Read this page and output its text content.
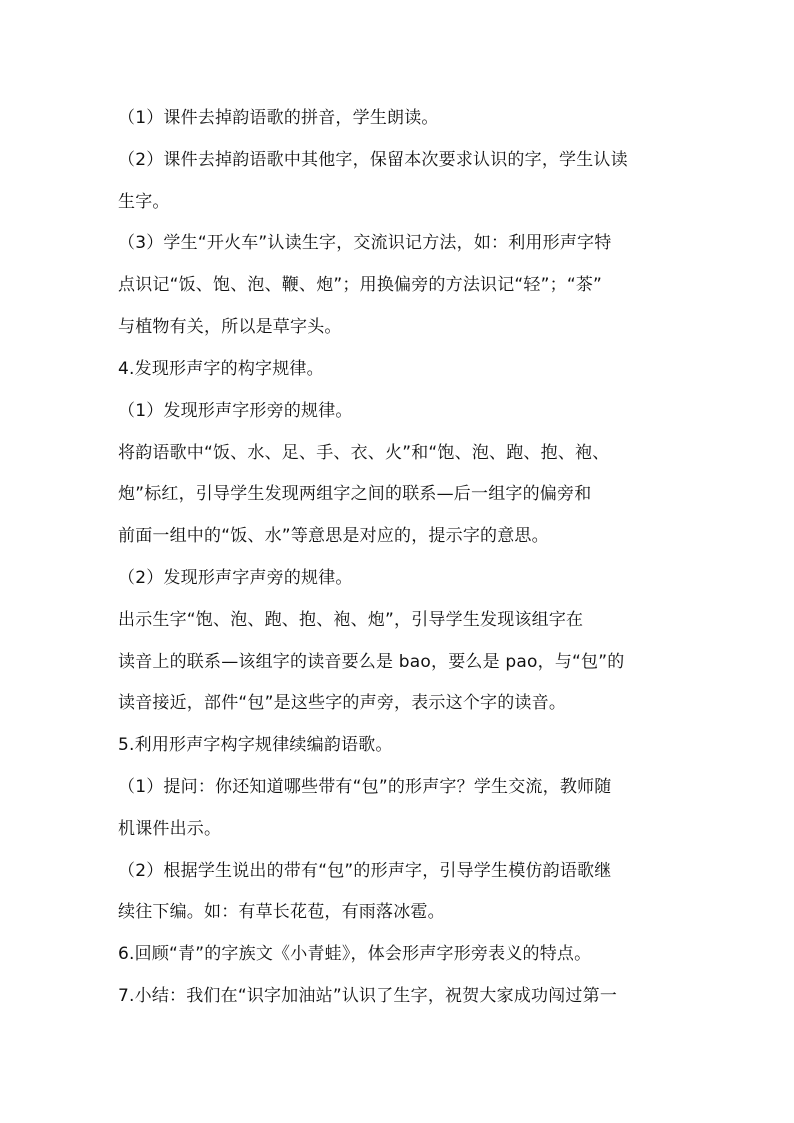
（1）课件去掉韵语歌的拼音，学生朗读。
（2）课件去掉韵语歌中其他字，保留本次要求认识的字，学生认读
生字。
（3）学生“开火车”认读生字，交流识记方法，如：利用形声字特
点识记“饭、饱、泡、鞭、炮”；用换偏旁的方法识记“轻”；“茶”
与植物有关，所以是草字头。
4.发现形声字的构字规律。
（1）发现形声字形旁的规律。
将韵语歌中“饭、水、足、手、衣、火”和“饱、泡、跑、抱、袍、
炮”标红，引导学生发现两组字之间的联系—后一组字的偏旁和
前面一组中的“饭、水”等意思是对应的，提示字的意思。
（2）发现形声字声旁的规律。
出示生字“饱、泡、跑、抱、袍、炮”，引导学生发现该组字在
读音上的联系—该组字的读音要么是 bao，要么是 pao，与“包”的
读音接近，部件“包”是这些字的声旁，表示这个字的读音。
5.利用形声字构字规律续编韵语歌。
（1）提问：你还知道哪些带有“包”的形声字？学生交流，教师随
机课件出示。
（2）根据学生说出的带有“包”的形声字，引导学生模仿韵语歌继
续往下编。如：有草长花苞，有雨落冰雹。
6.回顾“青”的字族文《小青蛙》，体会形声字形旁表义的特点。
7.小结：我们在“识字加油站”认识了生字，祝贺大家成功闯过第一
